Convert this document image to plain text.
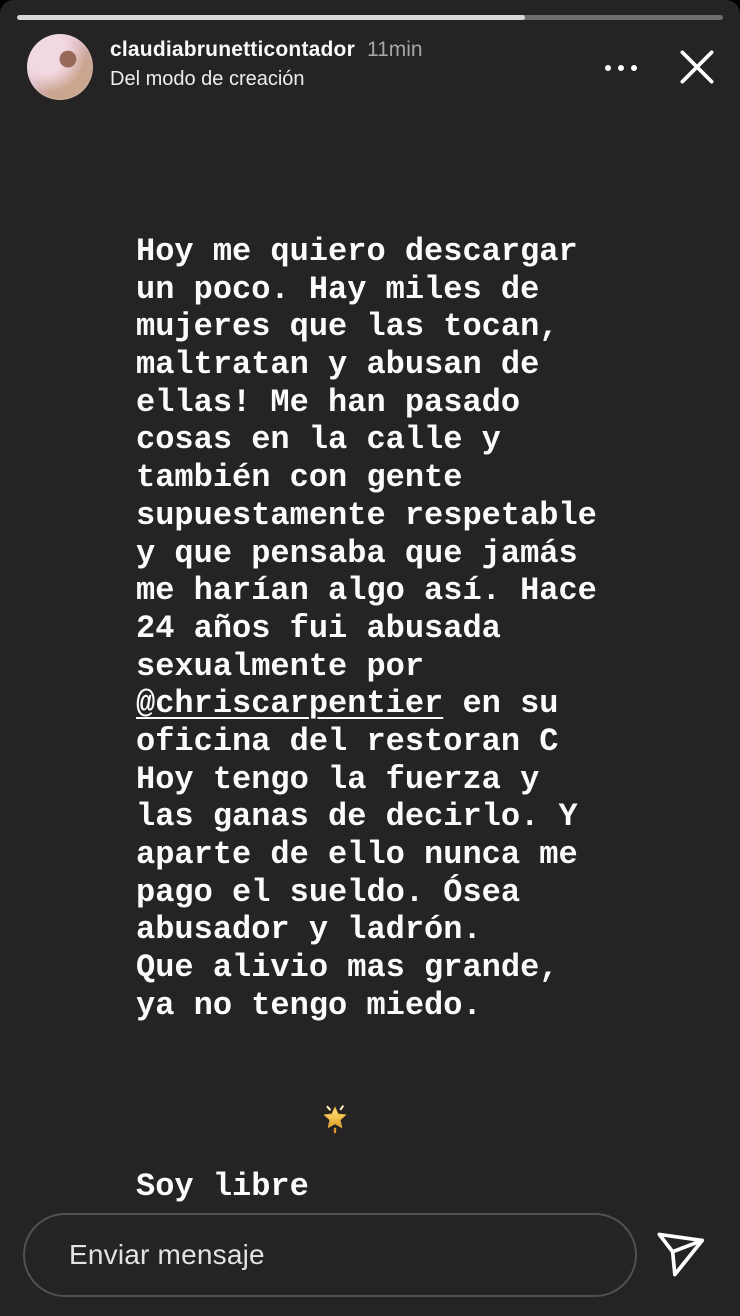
claudiabrunetticontador 11min
Del modo de creación
Hoy me quiero descargar
un poco. Hay miles de
mujeres que las tocan,
maltratan y abusan de
ellas! Me han pasado
cosas en la calle y
también con gente
supuestamente respetable
y que pensaba que jamás
me harían algo así. Hace
24 años fui abusada
sexualmente por
@chriscarpentier en su
oficina del restoran C
Hoy tengo la fuerza y
las ganas de decirlo. Y
aparte de ello nunca me
pago el sueldo. Ósea
abusador y ladrón.
Que alivio mas grande,
ya no tengo miedo.
Soy libre

Enviar mensaje
